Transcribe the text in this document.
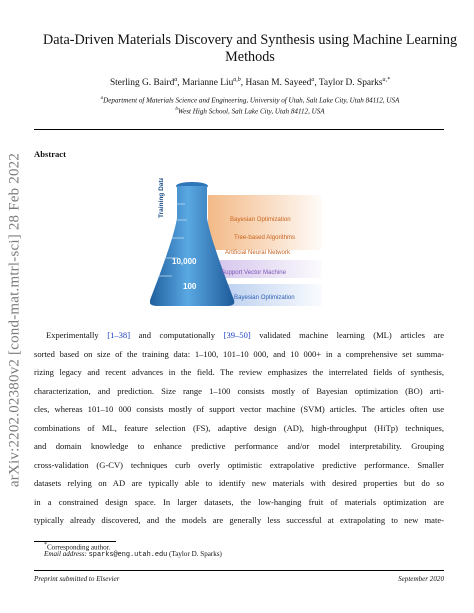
arXiv:2202.02380v2 [cond-mat.mtrl-sci] 28 Feb 2022
Data-Driven Materials Discovery and Synthesis using Machine Learning Methods
Sterling G. Baird$^a$, Marianne Liu$^{a,b}$, Hasan M. Sayeed$^a$, Taylor D. Sparks$^{a,*}$
$^a$Department of Materials Science and Engineering, University of Utah, Salt Lake City, Utah 84112, USA
$^b$West High School, Salt Lake City, Utah 84112, USA
Abstract
Training Data
10,000
100
Bayesian Optimization
Tree-based Algorithms
Artificial Neural Network
Support Vector Machine
Bayesian Optimization
Experimentally [1–38] and computationally [39–50] validated machine learning (ML) articles are
sorted based on size of the training data: 1–100, 101–10 000, and 10 000+ in a comprehensive set summa-
rizing legacy and recent advances in the field. The review emphasizes the interrelated fields of synthesis,
characterization, and prediction. Size range 1–100 consists mostly of Bayesian optimization (BO) arti-
cles, whereas 101–10 000 consists mostly of support vector machine (SVM) articles. The articles often use
combinations of ML, feature selection (FS), adaptive design (AD), high-throughput (HiTp) techniques,
and domain knowledge to enhance predictive performance and/or model interpretability. Grouping
cross-validation (G-CV) techniques curb overly optimistic extrapolative predictive performance. Smaller
datasets relying on AD are typically able to identify new materials with desired properties but do so
in a constrained design space. In larger datasets, the low-hanging fruit of materials optimization are
typically already discovered, and the models are generally less successful at extrapolating to new mate-
*Corresponding author.
Email address: sparks@eng.utah.edu (Taylor D. Sparks)
Preprint submitted to Elsevier	September 2020
